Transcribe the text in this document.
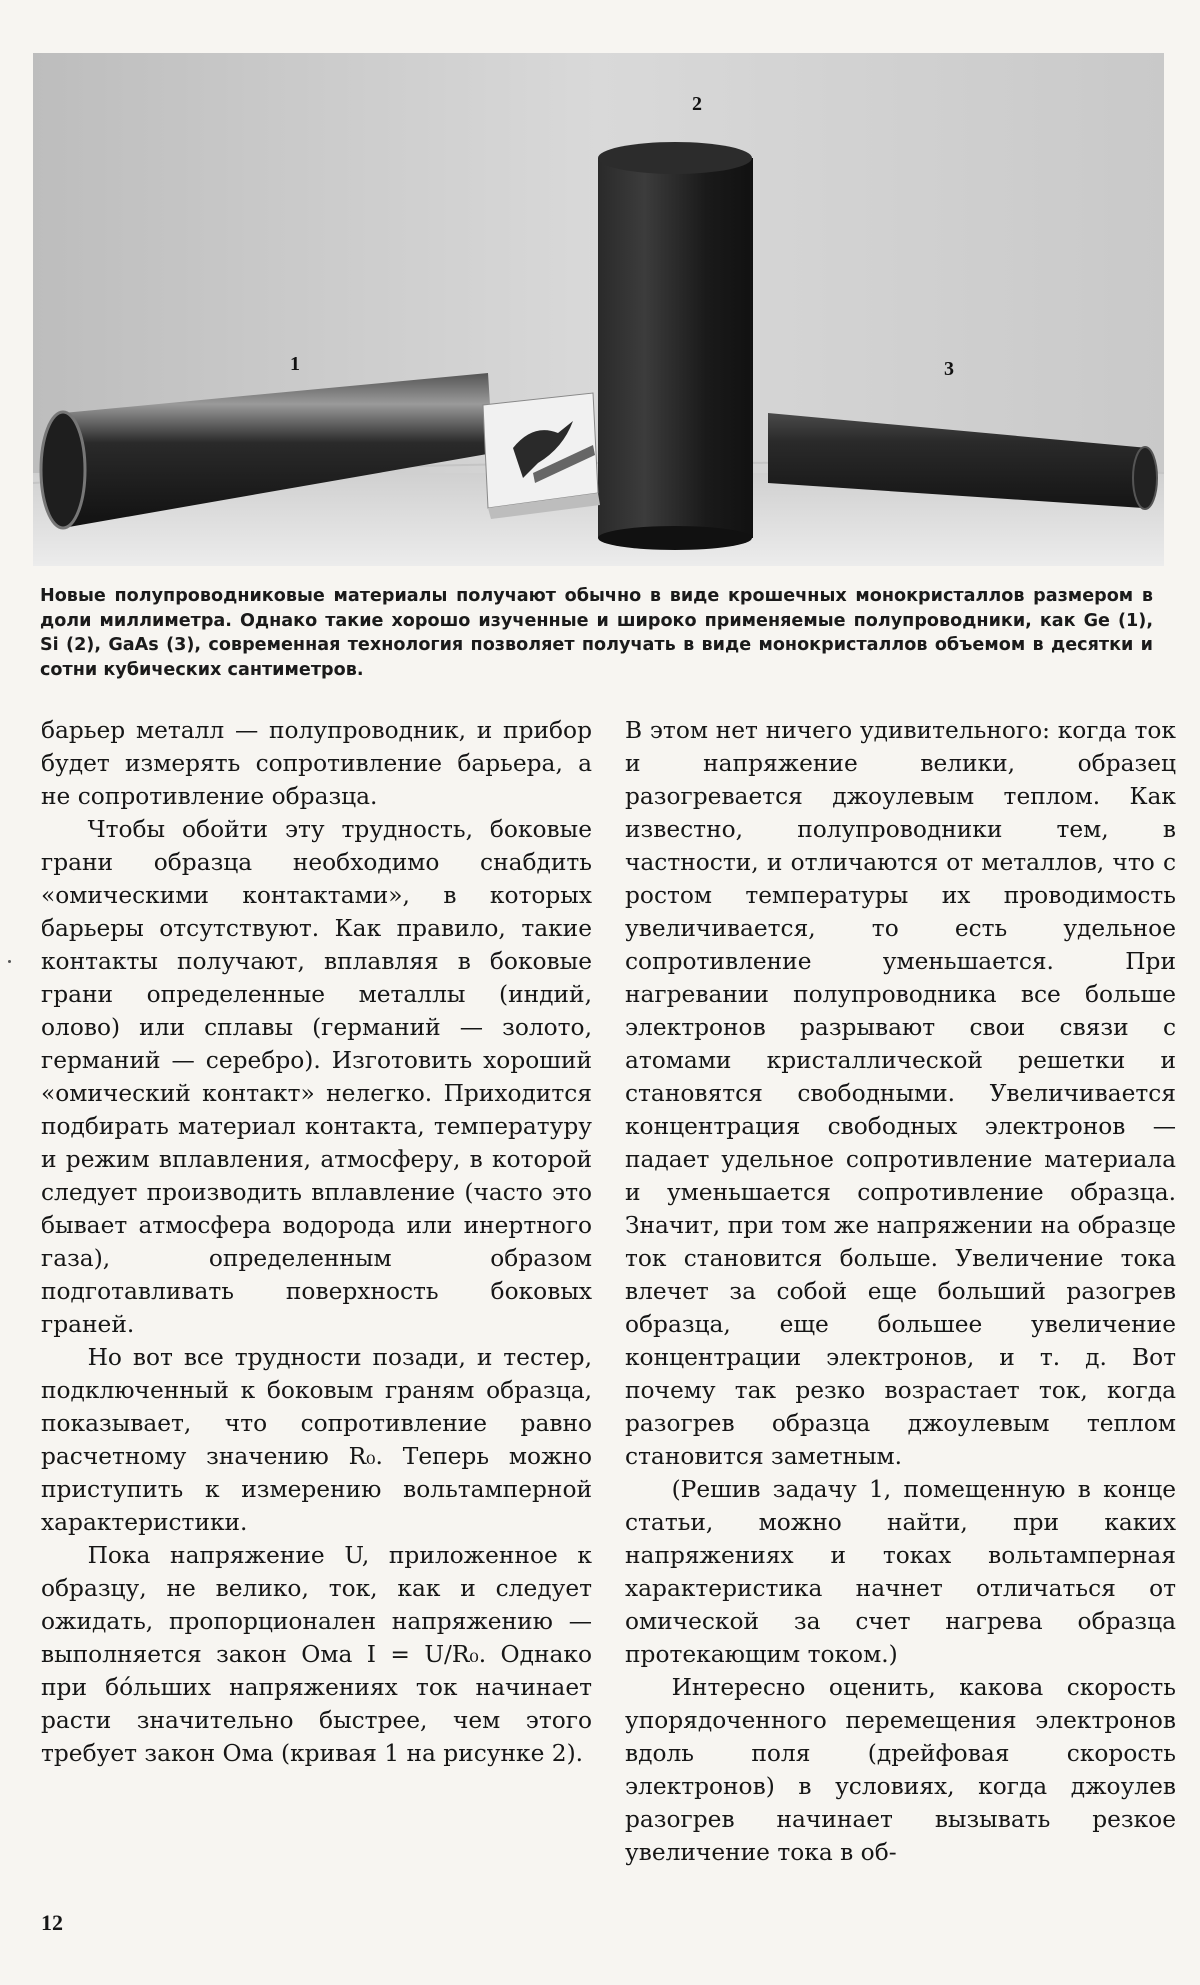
1
2
3

Новые полупроводниковые материалы получают обычно в виде крошечных монокристаллов размером в доли миллиметра. Однако такие хорошо изученные и широко применяемые полупроводники, как Ge (1), Si (2), GaAs (3), современная технология позволяет получать в виде монокристаллов объемом в десятки и сотни кубических сантиметров.

барьер металл — полупроводник, и прибор будет измерять сопротивление барьера, а не сопротивление образца.

Чтобы обойти эту трудность, боковые грани образца необходимо снабдить «омическими контактами», в которых барьеры отсутствуют. Как правило, такие контакты получают, вплавляя в боковые грани определенные металлы (индий, олово) или сплавы (германий — золото, германий — серебро). Изготовить хороший «омический контакт» нелегко. Приходится подбирать материал контакта, температуру и режим вплавления, атмосферу, в которой следует производить вплавление (часто это бывает атмосфера водорода или инертного газа), определенным образом подготавливать поверхность боковых граней.

Но вот все трудности позади, и тестер, подключенный к боковым граням образца, показывает, что сопротивление равно расчетному значению R₀. Теперь можно приступить к измерению вольтамперной характеристики.

Пока напряжение U, приложенное к образцу, не велико, ток, как и следует ожидать, пропорционален напряжению — выполняется закон Ома I = U/R₀. Однако при бо́льших напряжениях ток начинает расти значительно быстрее, чем этого требует закон Ома (кривая 1 на рисунке 2).

В этом нет ничего удивительного: когда ток и напряжение велики, образец разогревается джоулевым теплом. Как известно, полупроводники тем, в частности, и отличаются от металлов, что с ростом температуры их проводимость увеличивается, то есть удельное сопротивление уменьшается. При нагревании полупроводника все больше электронов разрывают свои связи с атомами кристаллической решетки и становятся свободными. Увеличивается концентрация свободных электронов — падает удельное сопротивление материала и уменьшается сопротивление образца. Значит, при том же напряжении на образце ток становится больше. Увеличение тока влечет за собой еще больший разогрев образца, еще большее увеличение концентрации электронов, и т. д. Вот почему так резко возрастает ток, когда разогрев образца джоулевым теплом становится заметным.

(Решив задачу 1, помещенную в конце статьи, можно найти, при каких напряжениях и токах вольтамперная характеристика начнет отличаться от омической за счет нагрева образца протекающим током.)

Интересно оценить, какова скорость упорядоченного перемещения электронов вдоль поля (дрейфовая скорость электронов) в условиях, когда джоулев разогрев начинает вызывать резкое увеличение тока в об-

12
